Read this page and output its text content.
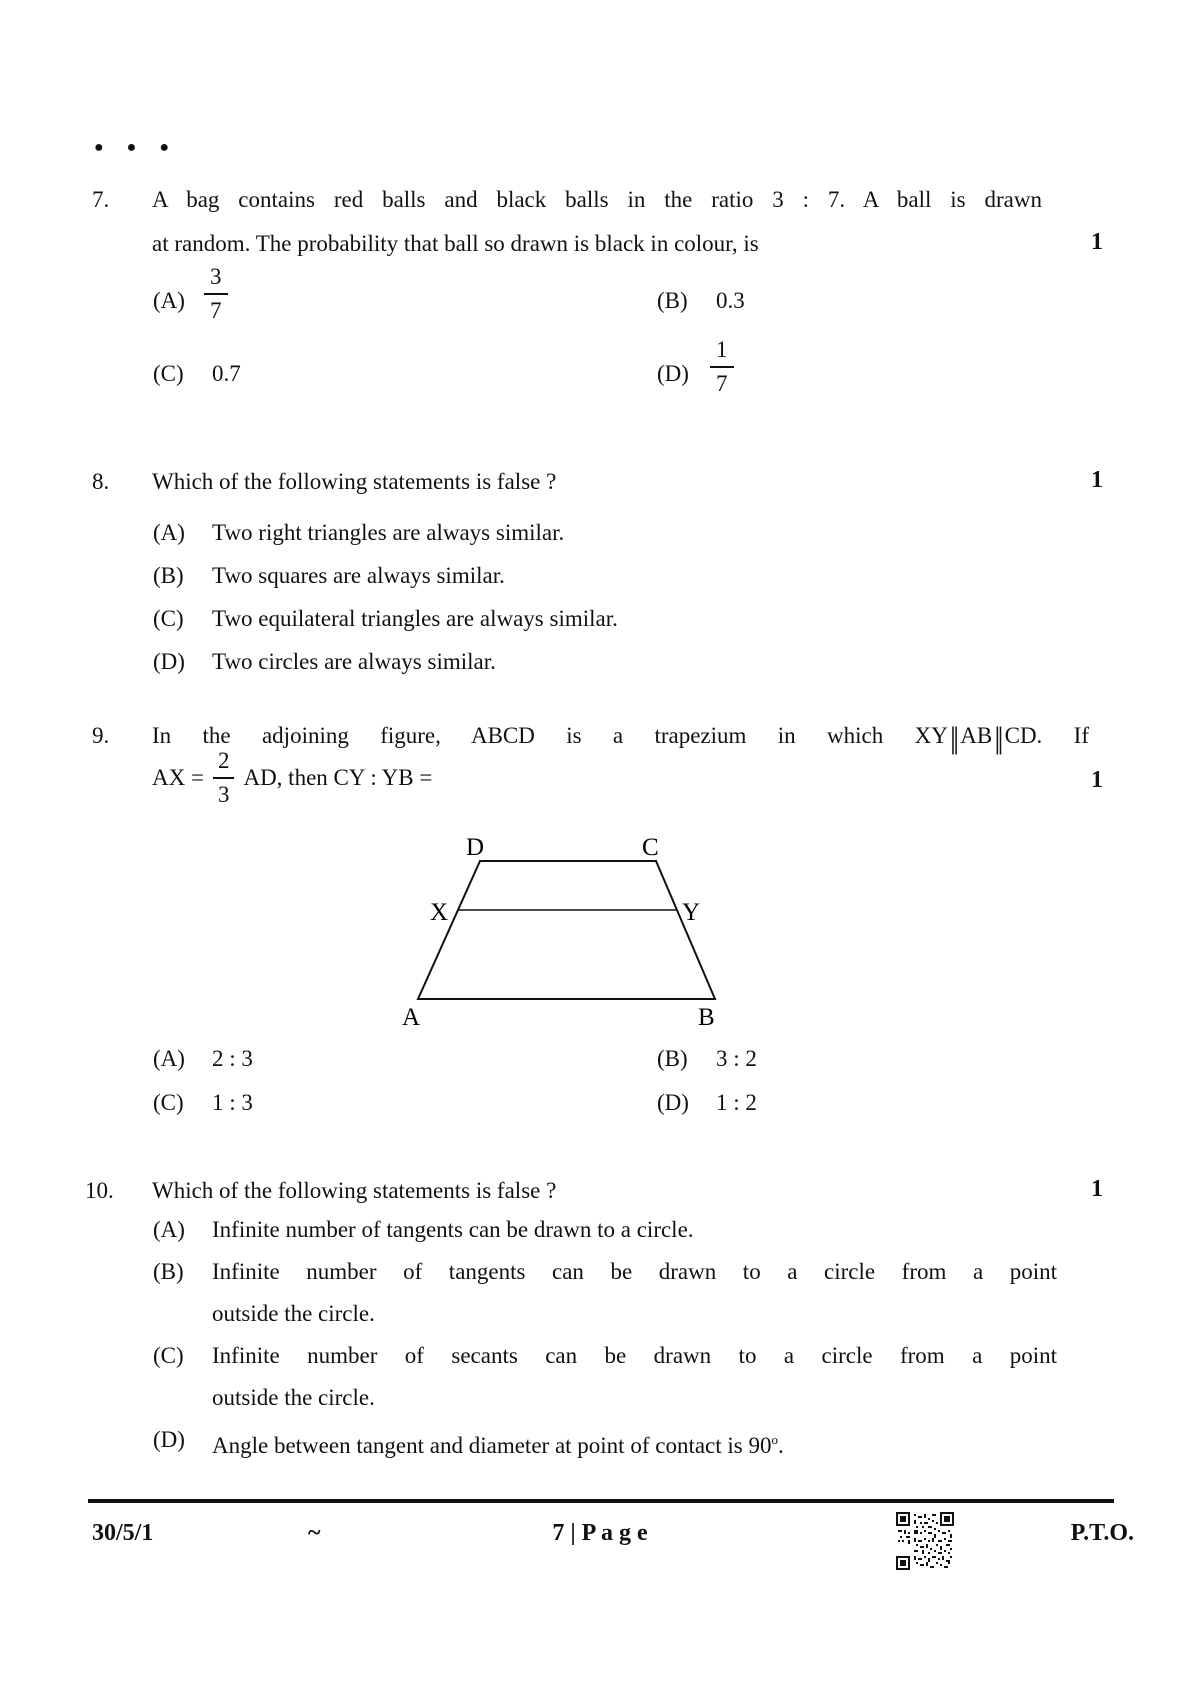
●●●
7. A bag contains red balls and black balls in the ratio 3 : 7. A ball is drawn
at random. The probability that ball so drawn is black in colour, is	1
$(A) \frac{3}{7}$	(B) 0.3
(C) 0.7	$(D) \frac{1}{7}$
8. Which of the following statements is false ?	1
(A) Two right triangles are always similar.
(B) Two squares are always similar.
(C) Two equilateral triangles are always similar.
(D) Two circles are always similar.
9. In the adjoining figure, ABCD is a trapezium in which XY|| AB|| CD. If
AX = $\frac{2}{3}$ AD, then CY : YB =	1
D	C
X	Y
A	B
(A) 2 : 3	(B) 3 : 2
(C) 1 : 3	(D) 1 : 2
10. Which of the following statements is false ?	1
(A) Infinite number of tangents can be drawn to a circle.
(B) Infinite number of tangents can be drawn to a circle from a point
outside the circle.
(C) Infinite number of secants can be drawn to a circle from a point
outside the circle.
(D) Angle between tangent and diameter at point of contact is 90$^o$.
30/5/1	~	7 | P a g e	P.T.O.
